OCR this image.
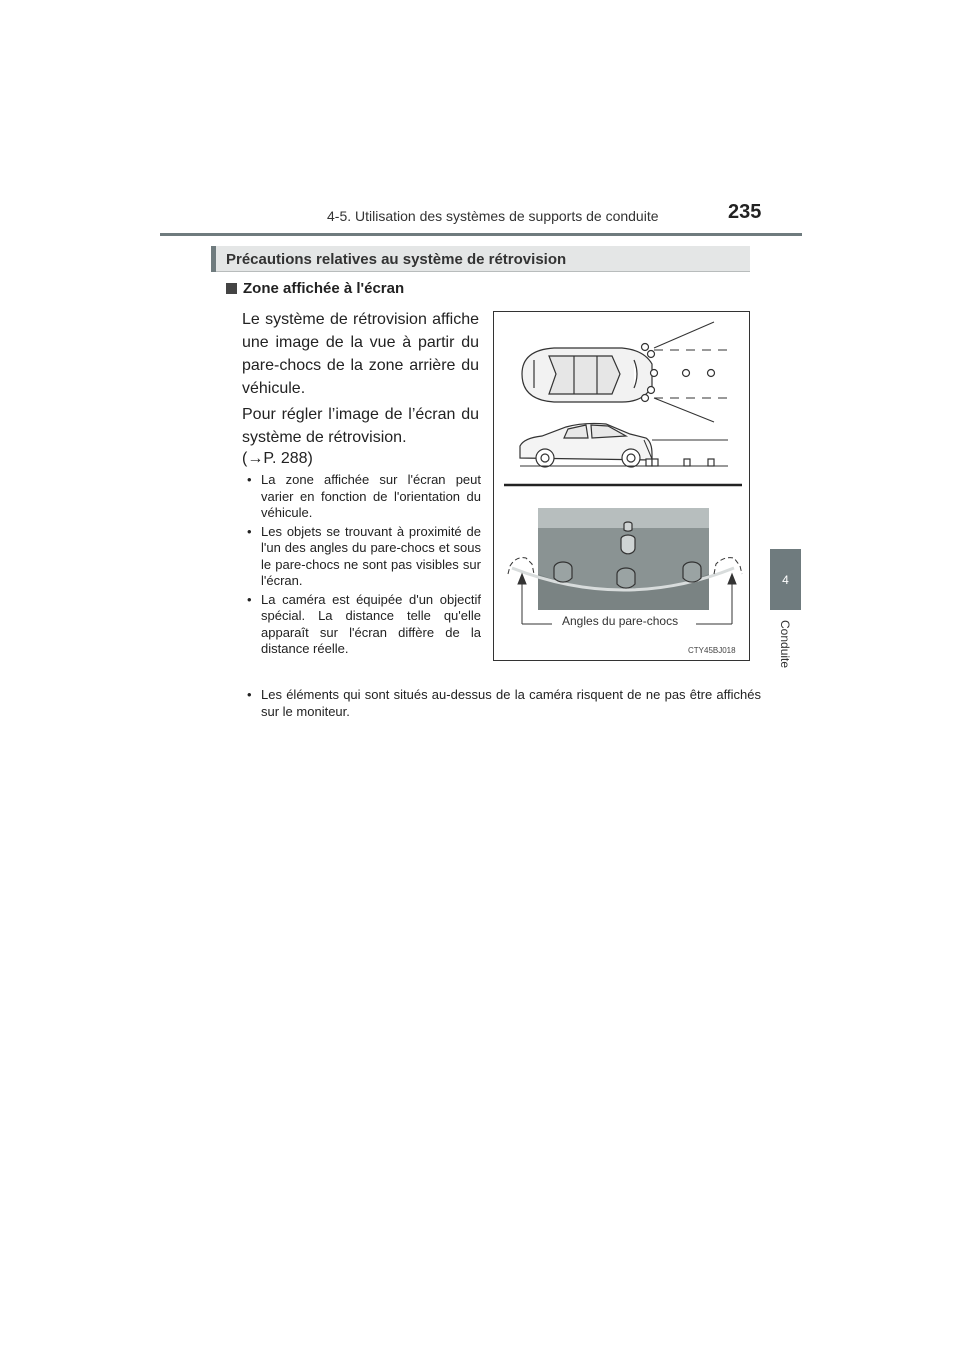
4-5. Utilisation des systèmes de supports de conduite	235
Précautions relatives au système de rétrovision
4
Conduite
Zone affichée à l'écran
Le système de rétrovision affiche une image de la vue à partir du pare-chocs de la zone arrière du véhicule.
Pour régler l’image de l’écran du système de rétrovision.
(→P. 288)
• La zone affichée sur l'écran peut varier en fonction de l'orientation du véhicule.
• Les objets se trouvant à proximité de l'un des angles du pare-chocs et sous le pare-chocs ne sont pas visibles sur l'écran.
• La caméra est équipée d'un objectif spécial. La distance telle qu'elle apparaît sur l'écran diffère de la distance réelle.
• Les éléments qui sont situés au-dessus de la caméra risquent de ne pas être affichés sur le moniteur.
Angles du pare-chocs
CTY45BJ018
